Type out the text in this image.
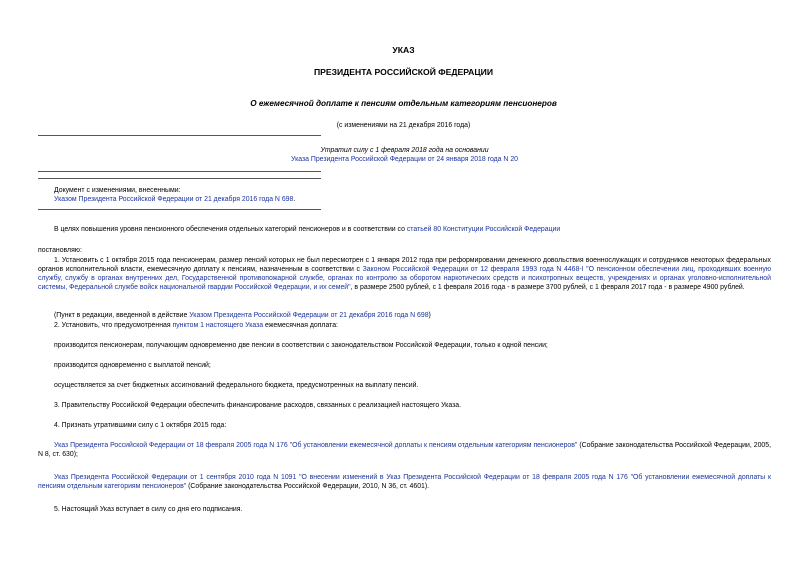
УКАЗ
ПРЕЗИДЕНТА РОССИЙСКОЙ ФЕДЕРАЦИИ
О ежемесячной доплате к пенсиям отдельным категориям пенсионеров
(с изменениями на 21 декабря 2016 года)
Утратил силу с 1 февраля 2018 года на основании
Указа Президента Российской Федерации от 24 января 2018 года N 20
Документ с изменениями, внесенными:
Указом Президента Российской Федерации от 21 декабря 2016 года N 698.
В целях повышения уровня пенсионного обеспечения отдельных категорий пенсионеров и в соответствии со статьей 80 Конституции Российской Федерации
постановляю:
1. Установить с 1 октября 2015 года пенсионерам, размер пенсий которых не был пересмотрен с 1 января 2012 года при реформировании денежного довольствия военнослужащих и сотрудников некоторых федеральных органов исполнительной власти, ежемесячную доплату к пенсиям, назначенным в соответствии с Законом Российской Федерации от 12 февраля 1993 года N 4468-I "О пенсионном обеспечении лиц, проходивших военную службу, службу в органах внутренних дел, Государственной противопожарной службе, органах по контролю за оборотом наркотических средств и психотропных веществ, учреждениях и органах уголовно-исполнительной системы, Федеральной службе войск национальной гвардии Российской Федерации, и их семей", в размере 2500 рублей, с 1 февраля 2016 года - в размере 3700 рублей, с 1 февраля 2017 года - в размере 4900 рублей.
(Пункт в редакции, введенной в действие Указом Президента Российской Федерации от 21 декабря 2016 года N 698)
2. Установить, что предусмотренная пунктом 1 настоящего Указа ежемесячная доплата:
производится пенсионерам, получающим одновременно две пенсии в соответствии с законодательством Российской Федерации, только к одной пенсии;
производится одновременно с выплатой пенсий;
осуществляется за счет бюджетных ассигнований федерального бюджета, предусмотренных на выплату пенсий.
3. Правительству Российской Федерации обеспечить финансирование расходов, связанных с реализацией настоящего Указа.
4. Признать утратившими силу с 1 октября 2015 года:
Указ Президента Российской Федерации от 18 февраля 2005 года N 176 "Об установлении ежемесячной доплаты к пенсиям отдельным категориям пенсионеров" (Собрание законодательства Российской Федерации, 2005, N 8, ст. 630);
Указ Президента Российской Федерации от 1 сентября 2010 года N 1091 "О внесении изменений в Указ Президента Российской Федерации от 18 февраля 2005 года N 176 "Об установлении ежемесячной доплаты к пенсиям отдельным категориям пенсионеров" (Собрание законодательства Российской Федерации, 2010, N 36, ст. 4601).
5. Настоящий Указ вступает в силу со дня его подписания.
